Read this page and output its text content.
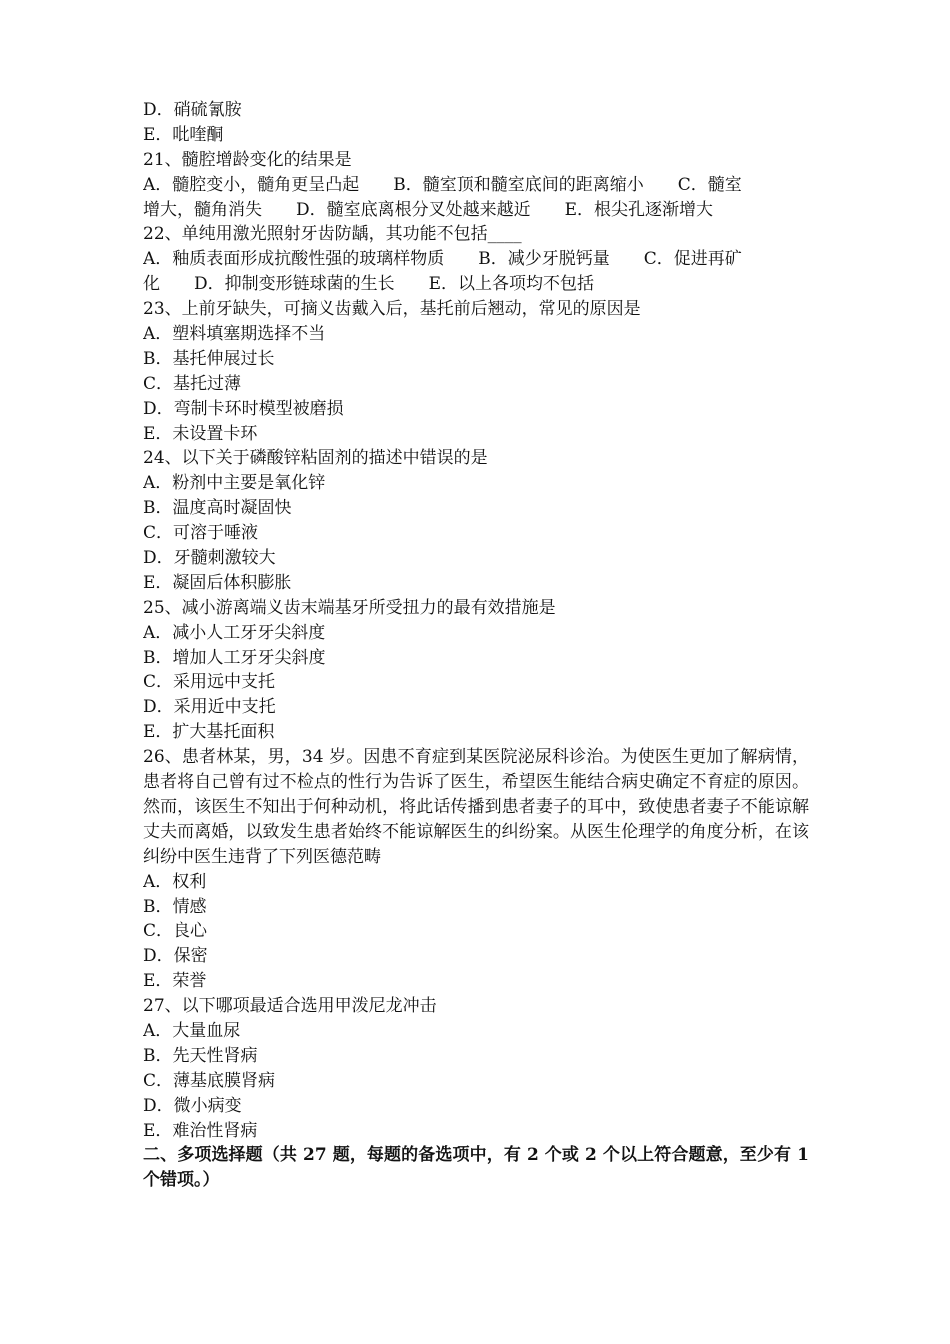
D．硝硫氰胺
E．吡喹酮
21、髓腔增龄变化的结果是
A．髓腔变小，髓角更呈凸起　　B．髓室顶和髓室底间的距离缩小　　C．髓室
增大，髓角消失　　D．髓室底离根分叉处越来越近　　E．根尖孔逐渐增大
22、单纯用激光照射牙齿防龋，其功能不包括____
A．釉质表面形成抗酸性强的玻璃样物质　　B．减少牙脱钙量　　C．促进再矿
化　　D．抑制变形链球菌的生长　　E．以上各项均不包括
23、上前牙缺失，可摘义齿戴入后，基托前后翘动，常见的原因是
A．塑料填塞期选择不当
B．基托伸展过长
C．基托过薄
D．弯制卡环时模型被磨损
E．未设置卡环
24、以下关于磷酸锌粘固剂的描述中错误的是
A．粉剂中主要是氧化锌
B．温度高时凝固快
C．可溶于唾液
D．牙髓刺激较大
E．凝固后体积膨胀
25、减小游离端义齿末端基牙所受扭力的最有效措施是
A．减小人工牙牙尖斜度
B．增加人工牙牙尖斜度
C．采用远中支托
D．采用近中支托
E．扩大基托面积

26、患者林某，男，34 岁。因患不育症到某医院泌尿科诊治。为使医生更加了解病情，患者将自己曾有过不检点的性行为告诉了医生，希望医生能结合病史确定不育症的原因。然而，该医生不知出于何种动机，将此话传播到患者妻子的耳中，致使患者妻子不能谅解丈夫而离婚，以致发生患者始终不能谅解医生的纠纷案。从医生伦理学的角度分析，在该纠纷中医生违背了下列医德范畴

A．权利
B．情感
C．良心
D．保密
E．荣誉
27、以下哪项最适合选用甲泼尼龙冲击
A．大量血尿
B．先天性肾病
C．薄基底膜肾病
D．微小病变
E．难治性肾病

二、多项选择题（共 27 题，每题的备选项中，有 2 个或 2 个以上符合题意，至少有 1 个错项。）
